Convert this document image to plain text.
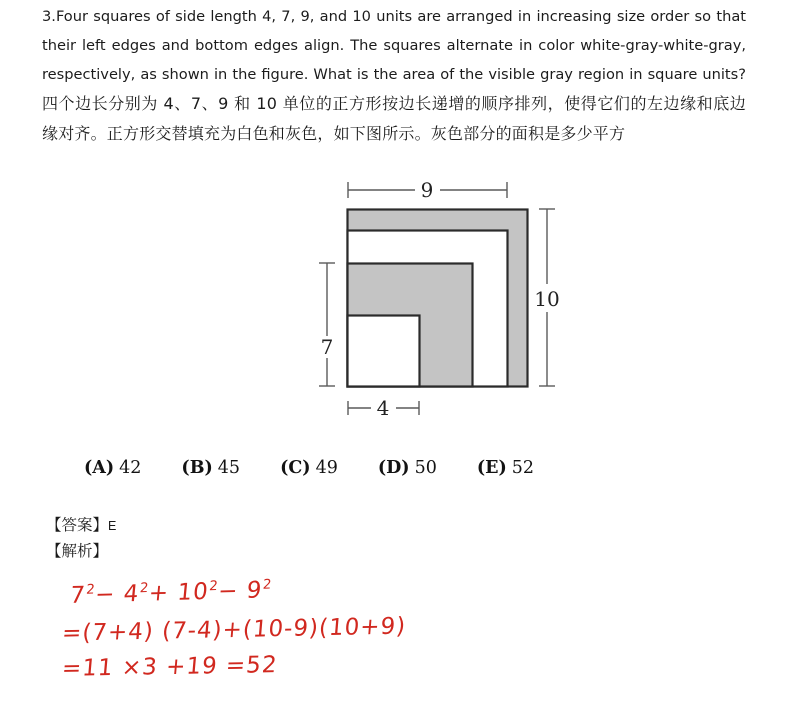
3.Four squares of side length 4, 7, 9, and 10 units are arranged in increasing size order so that their left edges and bottom edges align. The squares alternate in color white-gray-white-gray, respectively, as shown in the figure. What is the area of the visible gray region in square units?四个边长分别为 4、7、9 和 10 单位的正方形按边长递增的顺序排列，使得它们的左边缘和底边缘对齐。正方形交替填充为白色和灰色，如下图所示。灰色部分的面积是多少平方
9
10
7
4
(A) 42 (B) 45 (C) 49 (D) 50 (E) 52
【答案】E
【解析】
$7^2- 4^2+ 10^2- 9^2$
=(7+4) (7-4)+(10-9)(10+9)
=11 ×3 +19 =52
